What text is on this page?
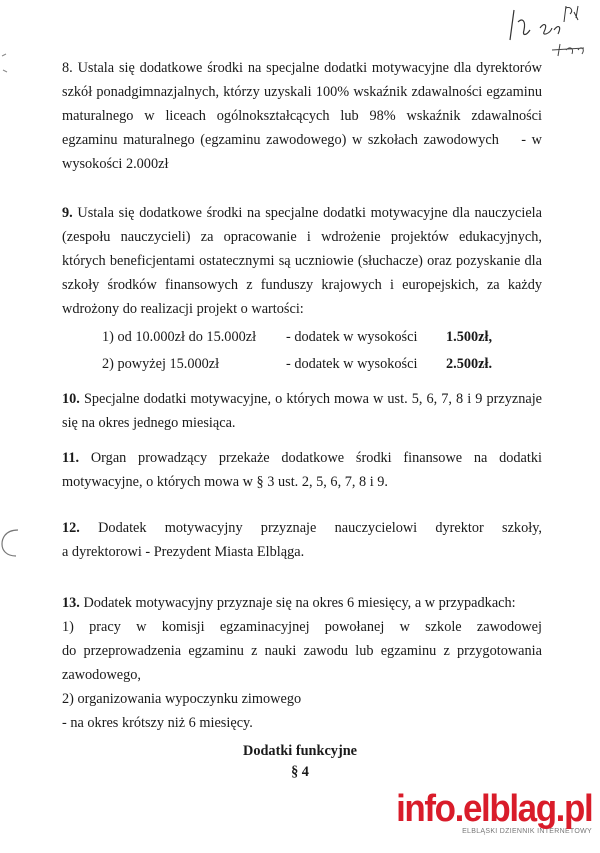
8. Ustala się dodatkowe środki na specjalne dodatki motywacyjne dla dyrektorów szkół ponadgimnazjalnych, którzy uzyskali 100% wskaźnik zdawalności egzaminu maturalnego w liceach ogólnokształcących lub 98% wskaźnik zdawalności egzaminu maturalnego (egzaminu zawodowego) w szkołach zawodowych    - w wysokości 2.000zł
9. Ustala się dodatkowe środki na specjalne dodatki motywacyjne dla nauczyciela (zespołu nauczycieli) za opracowanie i wdrożenie projektów edukacyjnych, których beneficjentami ostatecznymi są uczniowie (słuchacze) oraz pozyskanie dla szkoły środków finansowych z funduszy krajowych i europejskich, za każdy wdrożony do realizacji projekt o wartości:
1) od 10.000zł do 15.000zł - dodatek w wysokości 1.500zł,
2) powyżej 15.000zł	- dodatek w wysokości 2.500zł.
10. Specjalne dodatki motywacyjne, o których mowa w ust. 5, 6, 7, 8 i 9 przyznaje się na okres jednego miesiąca.
11. Organ prowadzący przekaże dodatkowe środki finansowe na dodatki motywacyjne, o których mowa w § 3 ust. 2, 5, 6, 7, 8 i 9.
12. Dodatek motywacyjny przyznaje nauczycielowi dyrektor szkoły,
a dyrektorowi - Prezydent Miasta Elbląga.
13. Dodatek motywacyjny przyznaje się na okres 6 miesięcy, a w przypadkach:
1) pracy w komisji egzaminacyjnej powołanej w szkole zawodowej
do przeprowadzenia egzaminu z nauki zawodu lub egzaminu z przygotowania zawodowego,
2) organizowania wypoczynku zimowego
- na okres krótszy niż 6 miesięcy.
Dodatki funkcyjne
§ 4
info.elblag.pl
ELBLĄSKI DZIENNIK INTERNETOWY
